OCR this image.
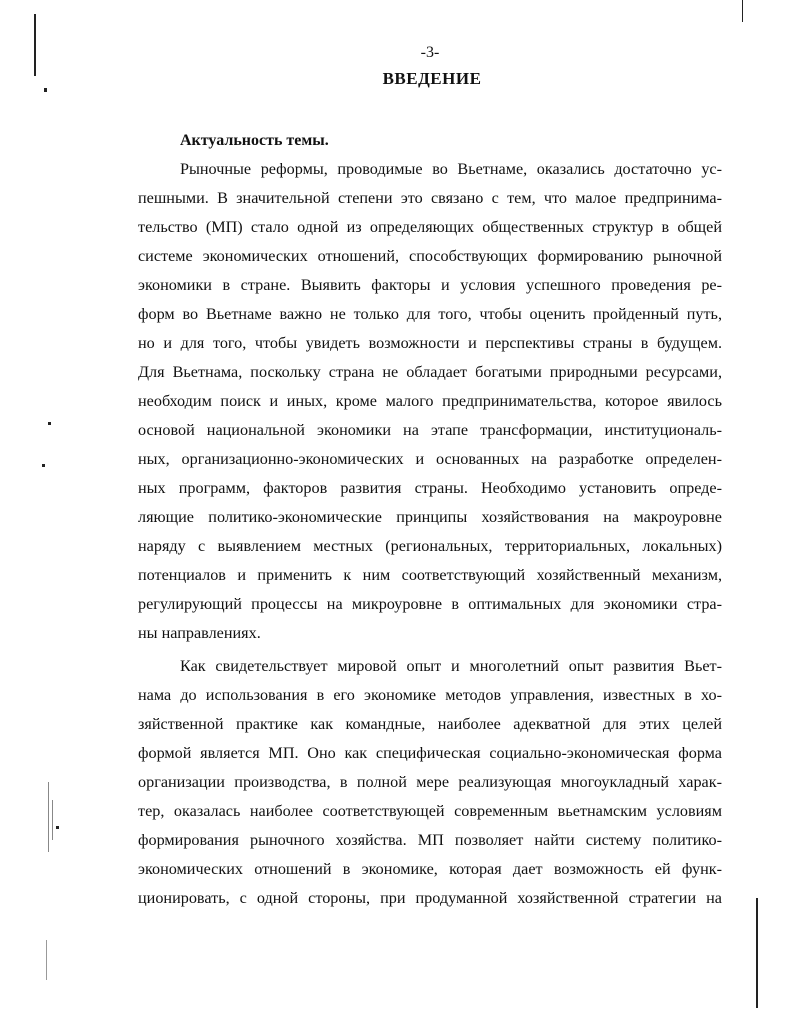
-3-
ВВЕДЕНИЕ

Актуальность темы.

Рыночные реформы, проводимые во Вьетнаме, оказались достаточно ус-
пешными. В значительной степени это связано с тем, что малое предпринима-
тельство (МП) стало одной из определяющих общественных структур в общей
системе экономических отношений, способствующих формированию рыночной
экономики в стране. Выявить факторы и условия успешного проведения ре-
форм во Вьетнаме важно не только для того, чтобы оценить пройденный путь,
но и для того, чтобы увидеть возможности и перспективы страны в будущем.
Для Вьетнама, поскольку страна не обладает богатыми природными ресурсами,
необходим поиск и иных, кроме малого предпринимательства, которое явилось
основой национальной экономики на этапе трансформации, институциональ-
ных, организационно-экономических и основанных на разработке определен-
ных программ, факторов развития страны. Необходимо установить опреде-
ляющие политико-экономические принципы хозяйствования на макроуровне
наряду с выявлением местных (региональных, территориальных, локальных)
потенциалов и применить к ним соответствующий хозяйственный механизм,
регулирующий процессы на микроуровне в оптимальных для экономики стра-
ны направлениях.
Как свидетельствует мировой опыт и многолетний опыт развития Вьет-
нама до использования в его экономике методов управления, известных в хо-
зяйственной практике как командные, наиболее адекватной для этих целей
формой является МП. Оно как специфическая социально-экономическая форма
организации производства, в полной мере реализующая многоукладный харак-
тер, оказалась наиболее соответствующей современным вьетнамским условиям
формирования рыночного хозяйства. МП позволяет найти систему политико-
экономических отношений в экономике, которая дает возможность ей функ-
ционировать, с одной стороны, при продуманной хозяйственной стратегии на
